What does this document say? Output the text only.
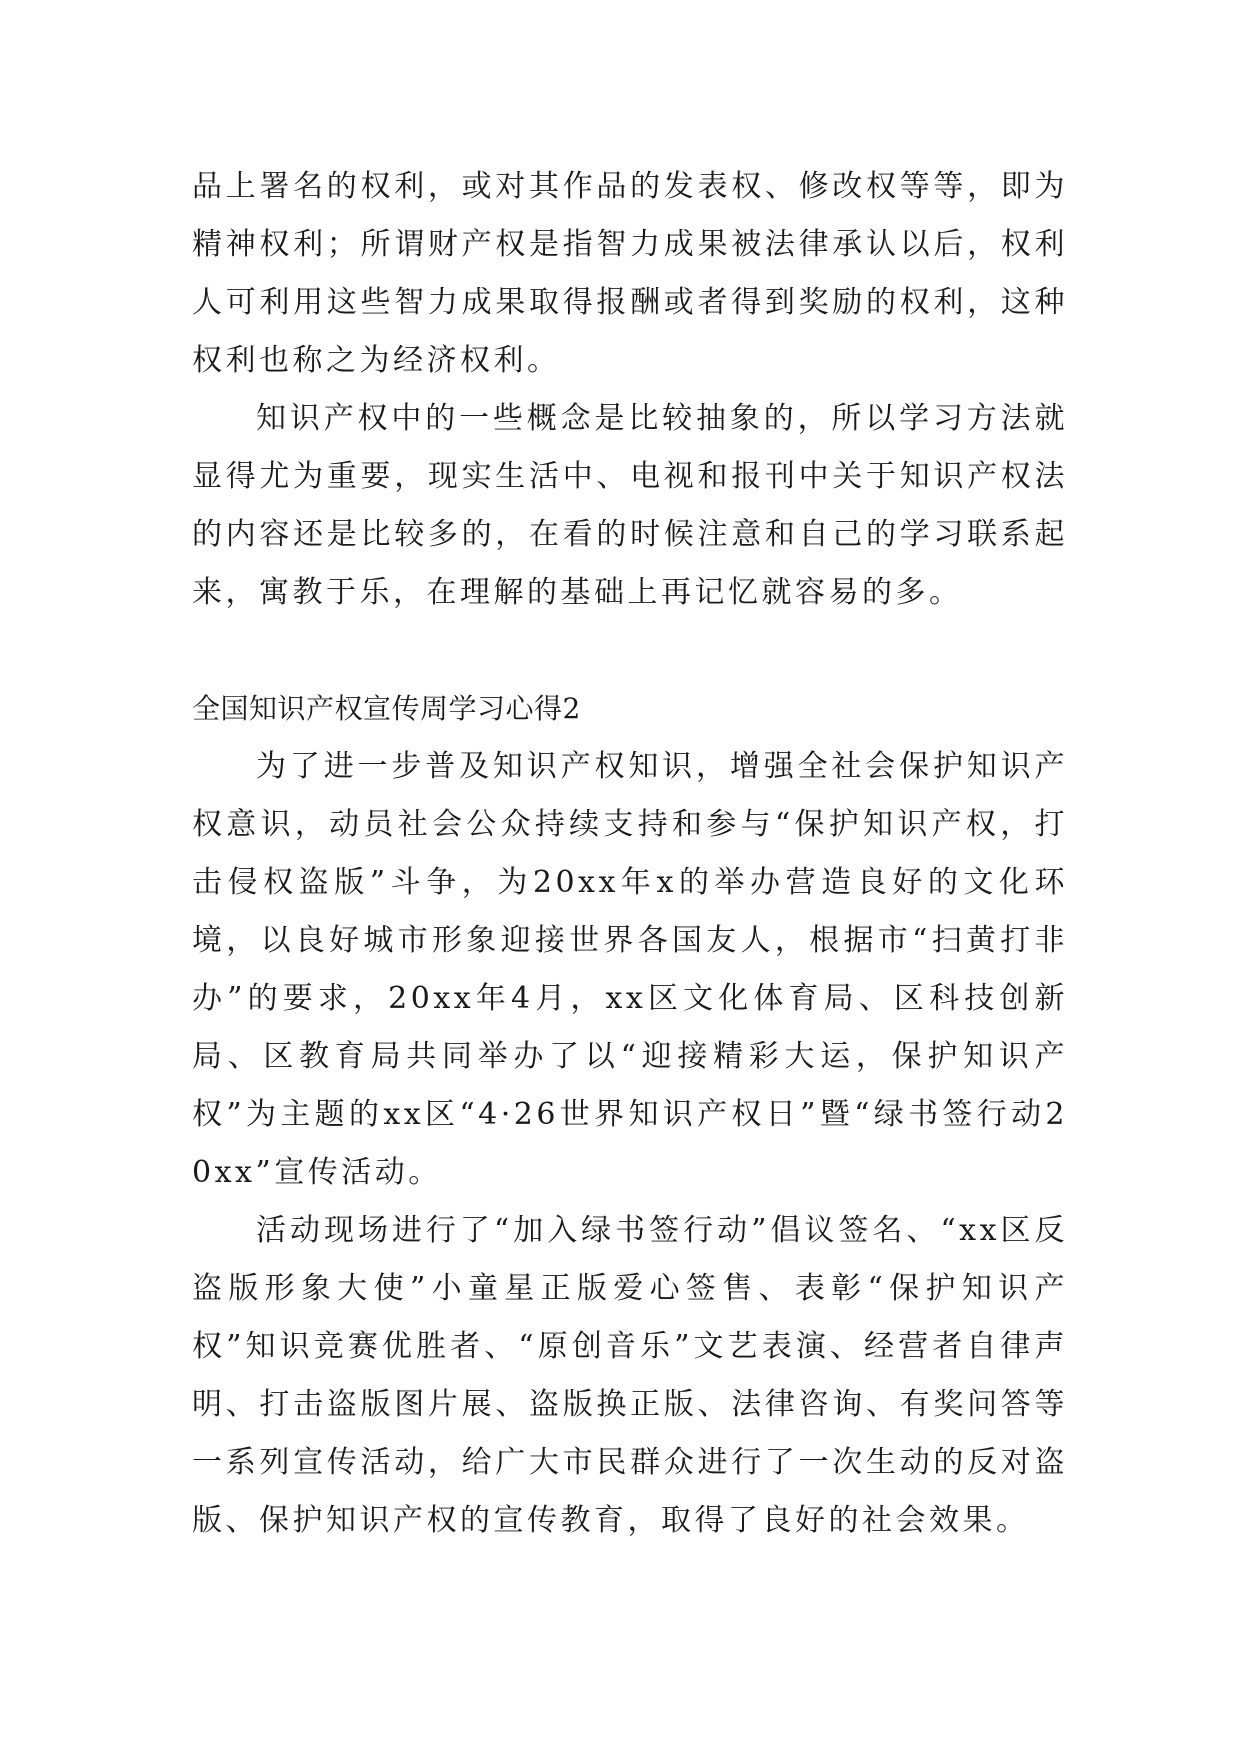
品上署名的权利，或对其作品的发表权、修改权等等，即为精神权利；所谓财产权是指智力成果被法律承认以后，权利人可利用这些智力成果取得报酬或者得到奖励的权利，这种权利也称之为经济权利。

知识产权中的一些概念是比较抽象的，所以学习方法就显得尤为重要，现实生活中、电视和报刊中关于知识产权法的内容还是比较多的，在看的时候注意和自己的学习联系起来，寓教于乐，在理解的基础上再记忆就容易的多。

全国知识产权宣传周学习心得2

为了进一步普及知识产权知识，增强全社会保护知识产权意识，动员社会公众持续支持和参与“保护知识产权，打击侵权盗版”斗争，为20xx年x的举办营造良好的文化环境，以良好城市形象迎接世界各国友人，根据市“扫黄打非办”的要求，20xx年4月，xx区文化体育局、区科技创新局、区教育局共同举办了以“迎接精彩大运，保护知识产权”为主题的xx区“4·26世界知识产权日”暨“绿书签行动20xx”宣传活动。

活动现场进行了“加入绿书签行动”倡议签名、“xx区反盗版形象大使”小童星正版爱心签售、表彰“保护知识产权”知识竞赛优胜者、“原创音乐”文艺表演、经营者自律声明、打击盗版图片展、盗版换正版、法律咨询、有奖问答等一系列宣传活动，给广大市民群众进行了一次生动的反对盗版、保护知识产权的宣传教育，取得了良好的社会效果。
